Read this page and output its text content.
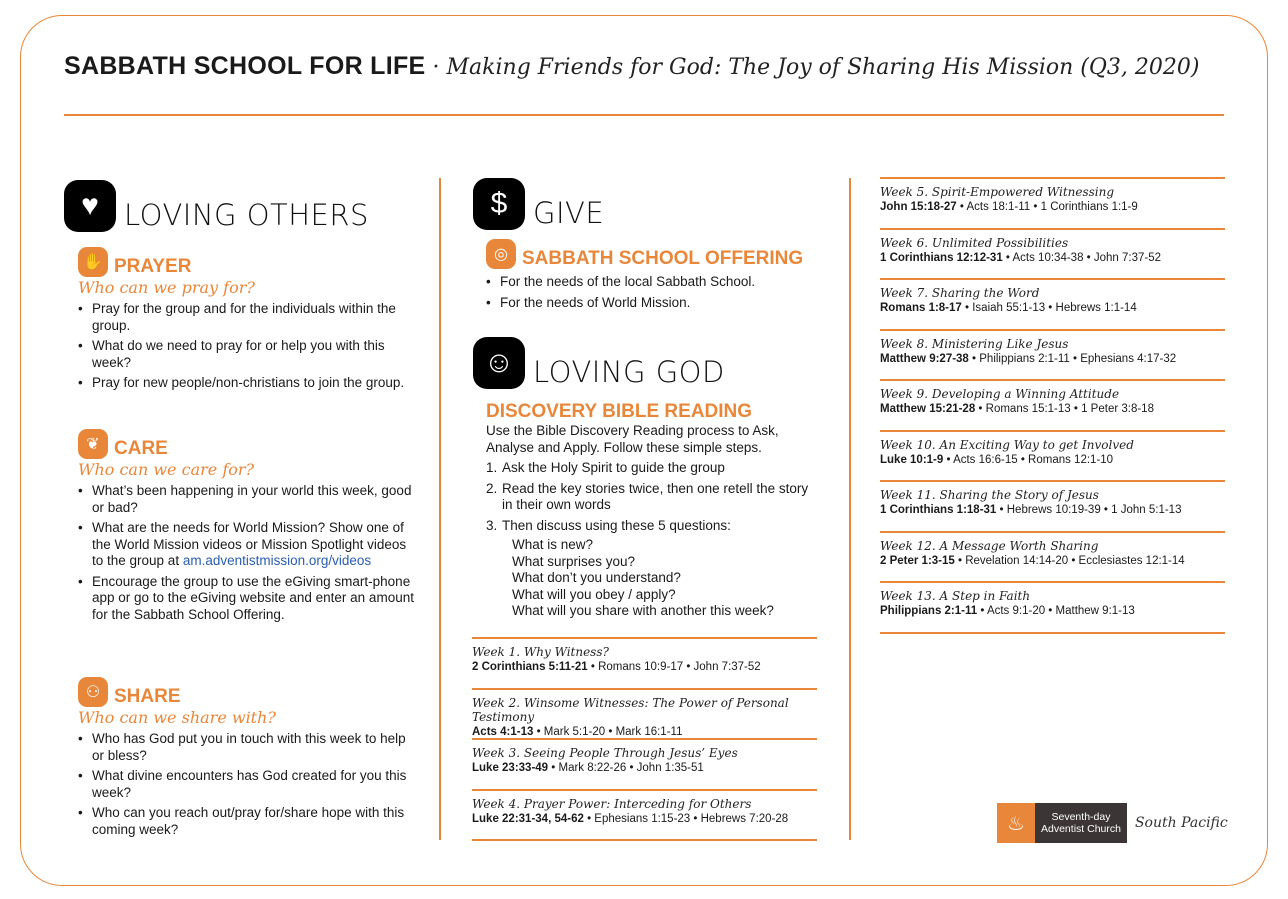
SABBATH SCHOOL FOR LIFE · Making Friends for God: The Joy of Sharing His Mission (Q3, 2020)
♥ LOVING OTHERS
✋ PRAYER
Who can we pray for?
• Pray for the group and for the individuals within the group.
• What do we need to pray for or help you with this week?
• Pray for new people/non-christians to join the group.
❦ CARE
Who can we care for?
• What’s been happening in your world this week, good or bad?
• What are the needs for World Mission? Show one of the World Mission videos or Mission Spotlight videos to the group at am.adventistmission.org/videos
• Encourage the group to use the eGiving smart-phone app or go to the eGiving website and enter an amount for the Sabbath School Offering.
⚇ SHARE
Who can we share with?
• Who has God put you in touch with this week to help or bless?
• What divine encounters has God created for you this week?
• Who can you reach out/pray for/share hope with this coming week?
$ GIVE
◎ SABBATH SCHOOL OFFERING
• For the needs of the local Sabbath School.
• For the needs of World Mission.
☺ LOVING GOD
DISCOVERY BIBLE READING
Use the Bible Discovery Reading process to Ask, Analyse and Apply. Follow these simple steps.
1. Ask the Holy Spirit to guide the group
2. Read the key stories twice, then one retell the story in their own words
3. Then discuss using these 5 questions:
What is new?
What surprises you?
What don’t you understand?
What will you obey / apply?
What will you share with another this week?
Week 1. Why Witness?
2 Corinthians 5:11-21 • Romans 10:9-17 • John 7:37-52
Week 2. Winsome Witnesses: The Power of Personal Testimony
Acts 4:1-13 • Mark 5:1-20 • Mark 16:1-11
Week 3. Seeing People Through Jesus’ Eyes
Luke 23:33-49 • Mark 8:22-26 • John 1:35-51
Week 4. Prayer Power: Interceding for Others
Luke 22:31-34, 54-62 • Ephesians 1:15-23 • Hebrews 7:20-28
Week 5. Spirit-Empowered Witnessing
John 15:18-27 • Acts 18:1-11 • 1 Corinthians 1:1-9
Week 6. Unlimited Possibilities
1 Corinthians 12:12-31 • Acts 10:34-38 • John 7:37-52
Week 7. Sharing the Word
Romans 1:8-17 • Isaiah 55:1-13 • Hebrews 1:1-14
Week 8. Ministering Like Jesus
Matthew 9:27-38 • Philippians 2:1-11 • Ephesians 4:17-32
Week 9. Developing a Winning Attitude
Matthew 15:21-28 • Romans 15:1-13 • 1 Peter 3:8-18
Week 10. An Exciting Way to get Involved
Luke 10:1-9 • Acts 16:6-15 • Romans 12:1-10
Week 11. Sharing the Story of Jesus
1 Corinthians 1:18-31 • Hebrews 10:19-39 • 1 John 5:1-13
Week 12. A Message Worth Sharing
2 Peter 1:3-15 • Revelation 14:14-20 • Ecclesiastes 12:1-14
Week 13. A Step in Faith
Philippians 2:1-11 • Acts 9:1-20 • Matthew 9:1-13
♨	Seventh-day
Adventist Church South Pacific
